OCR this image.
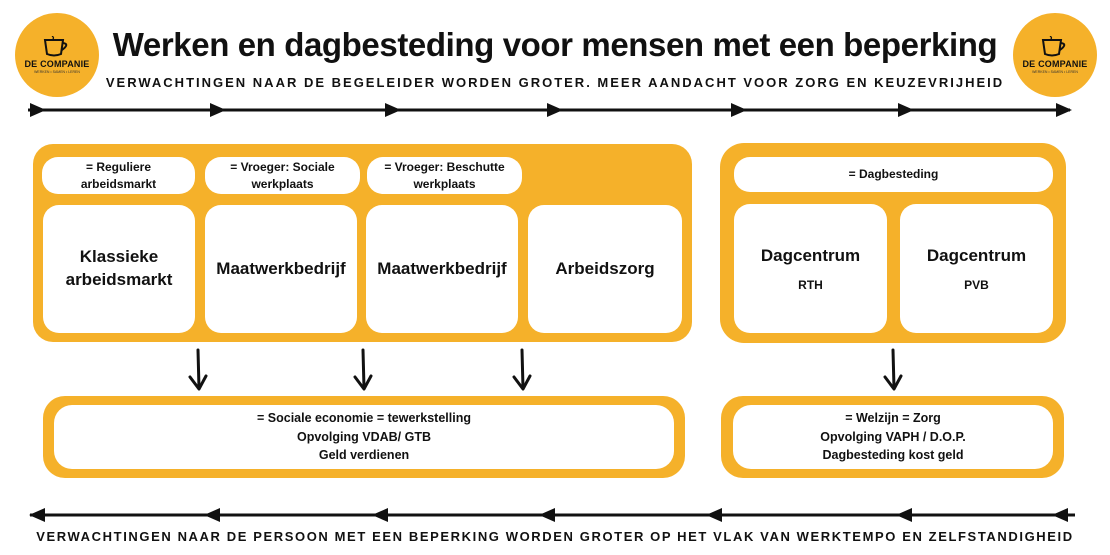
DE COMPANIE
WERKEN • SAMEN • LEREN
DE COMPANIE
WERKEN • SAMEN • LEREN
Werken en dagbesteding voor mensen met een beperking
VERWACHTINGEN NAAR DE BEGELEIDER WORDEN GROTER. MEER AANDACHT VOOR ZORG EN KEUZEVRIJHEID
= Reguliere
arbeidsmarkt
= Vroeger: Sociale
werkplaats
= Vroeger: Beschutte
werkplaats
Klassieke
arbeidsmarkt
Maatwerkbedrijf Maatwerkbedrijf	Arbeidszorg
= Dagbesteding
Dagcentrum
RTH
Dagcentrum
PVB
= Sociale economie = tewerkstelling
Opvolging VDAB/ GTB
Geld verdienen
= Welzijn = Zorg
Opvolging VAPH / D.O.P.
Dagbesteding kost geld
VERWACHTINGEN NAAR DE PERSOON MET EEN BEPERKING WORDEN GROTER OP HET VLAK VAN WERKTEMPO EN ZELFSTANDIGHEID
